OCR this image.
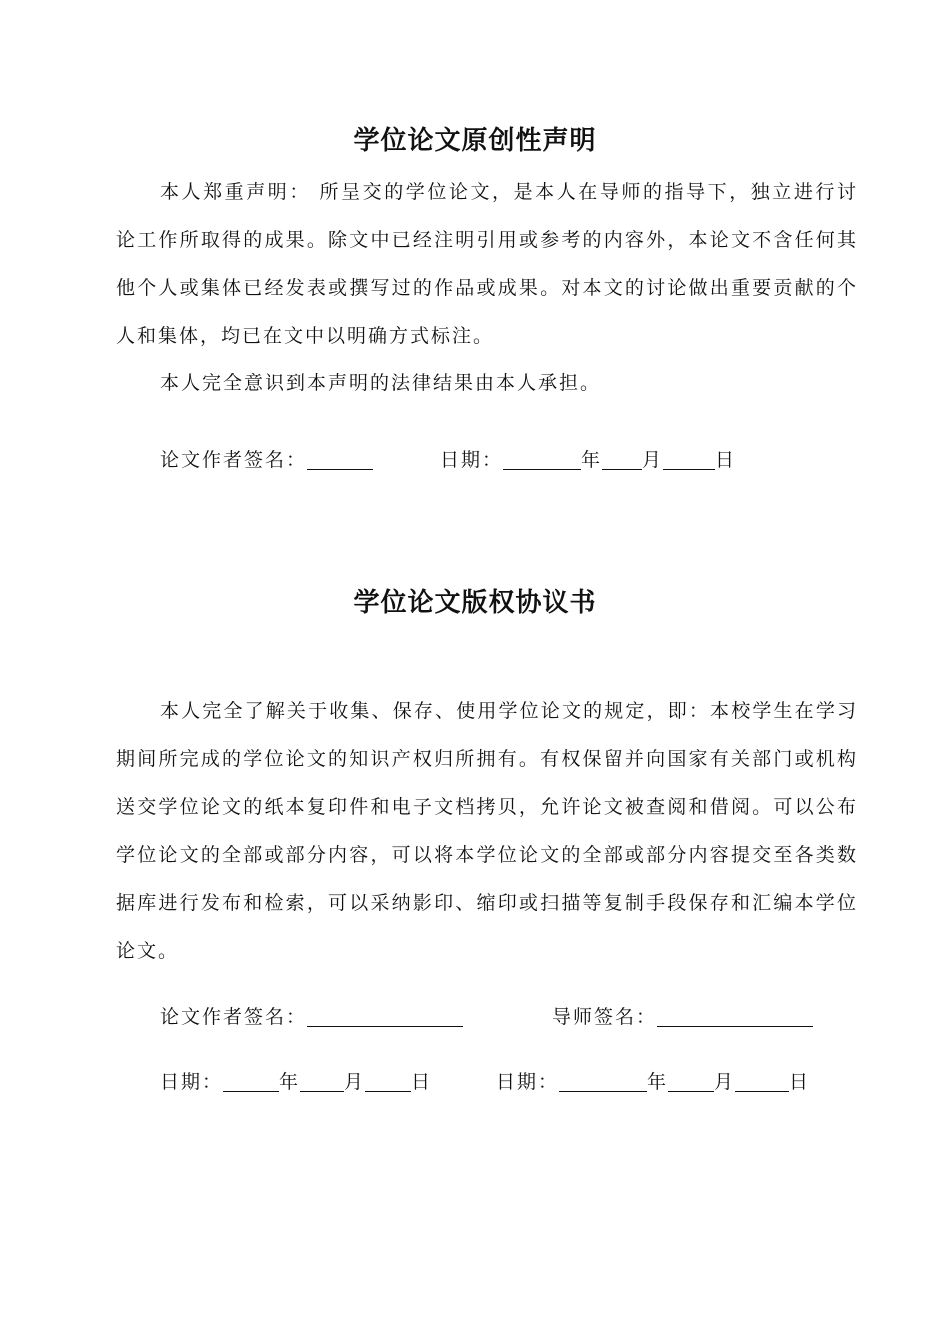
学位论文原创性声明

本人郑重声明： 所呈交的学位论文，是本人在导师的指导下，独立进行讨论工作所取得的成果。除文中已经注明引用或参考的内容外，本论文不含任何其他个人或集体已经发表或撰写过的作品或成果。对本文的讨论做出重要贡献的个人和集体，均已在文中以明确方式标注。

本人完全意识到本声明的法律结果由本人承担。

论文作者签名：	日期：	年 月	日
学位论文版权协议书

本人完全了解关于收集、保存、使用学位论文的规定，即：本校学生在学习期间所完成的学位论文的知识产权归所拥有。有权保留并向国家有关部门或机构送交学位论文的纸本复印件和电子文档拷贝，允许论文被查阅和借阅。可以公布学位论文的全部或部分内容，可以将本学位论文的全部或部分内容提交至各类数据库进行发布和检索，可以采纳影印、缩印或扫描等复制手段保存和汇编本学位论文。

论文作者签名：	导师签名：
日期：	年 月 日	日期：	年 月	日
